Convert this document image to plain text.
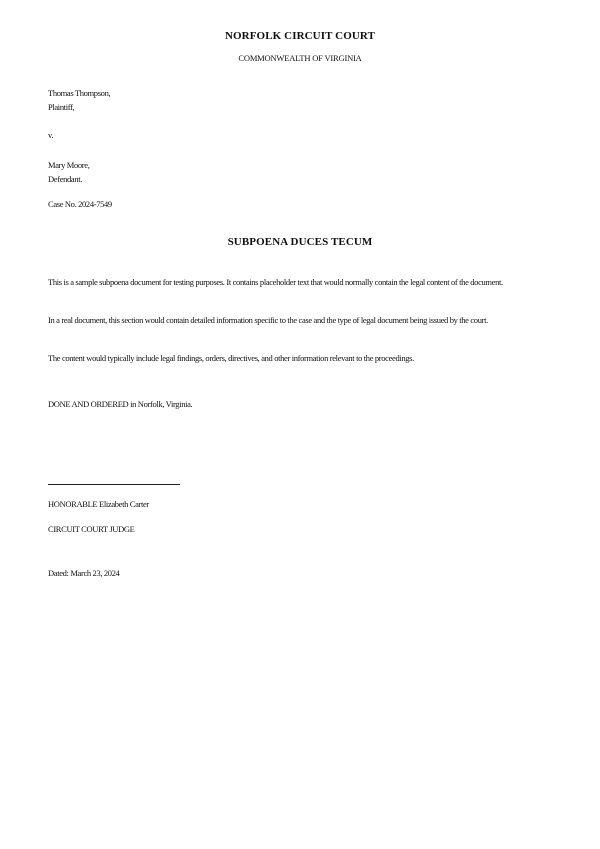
NORFOLK CIRCUIT COURT
COMMONWEALTH OF VIRGINIA
Thomas Thompson,
Plaintiff,
v.
Mary Moore,
Defendant.
Case No. 2024-7549
SUBPOENA DUCES TECUM
This is a sample subpoena document for testing purposes. It contains placeholder text that would normally contain the legal content of the document.
In a real document, this section would contain detailed information specific to the case and the type of legal document being issued by the court.
The content would typically include legal findings, orders, directives, and other information relevant to the proceedings.
DONE AND ORDERED in Norfolk, Virginia.
HONORABLE Elizabeth Carter
CIRCUIT COURT JUDGE
Dated: March 23, 2024
